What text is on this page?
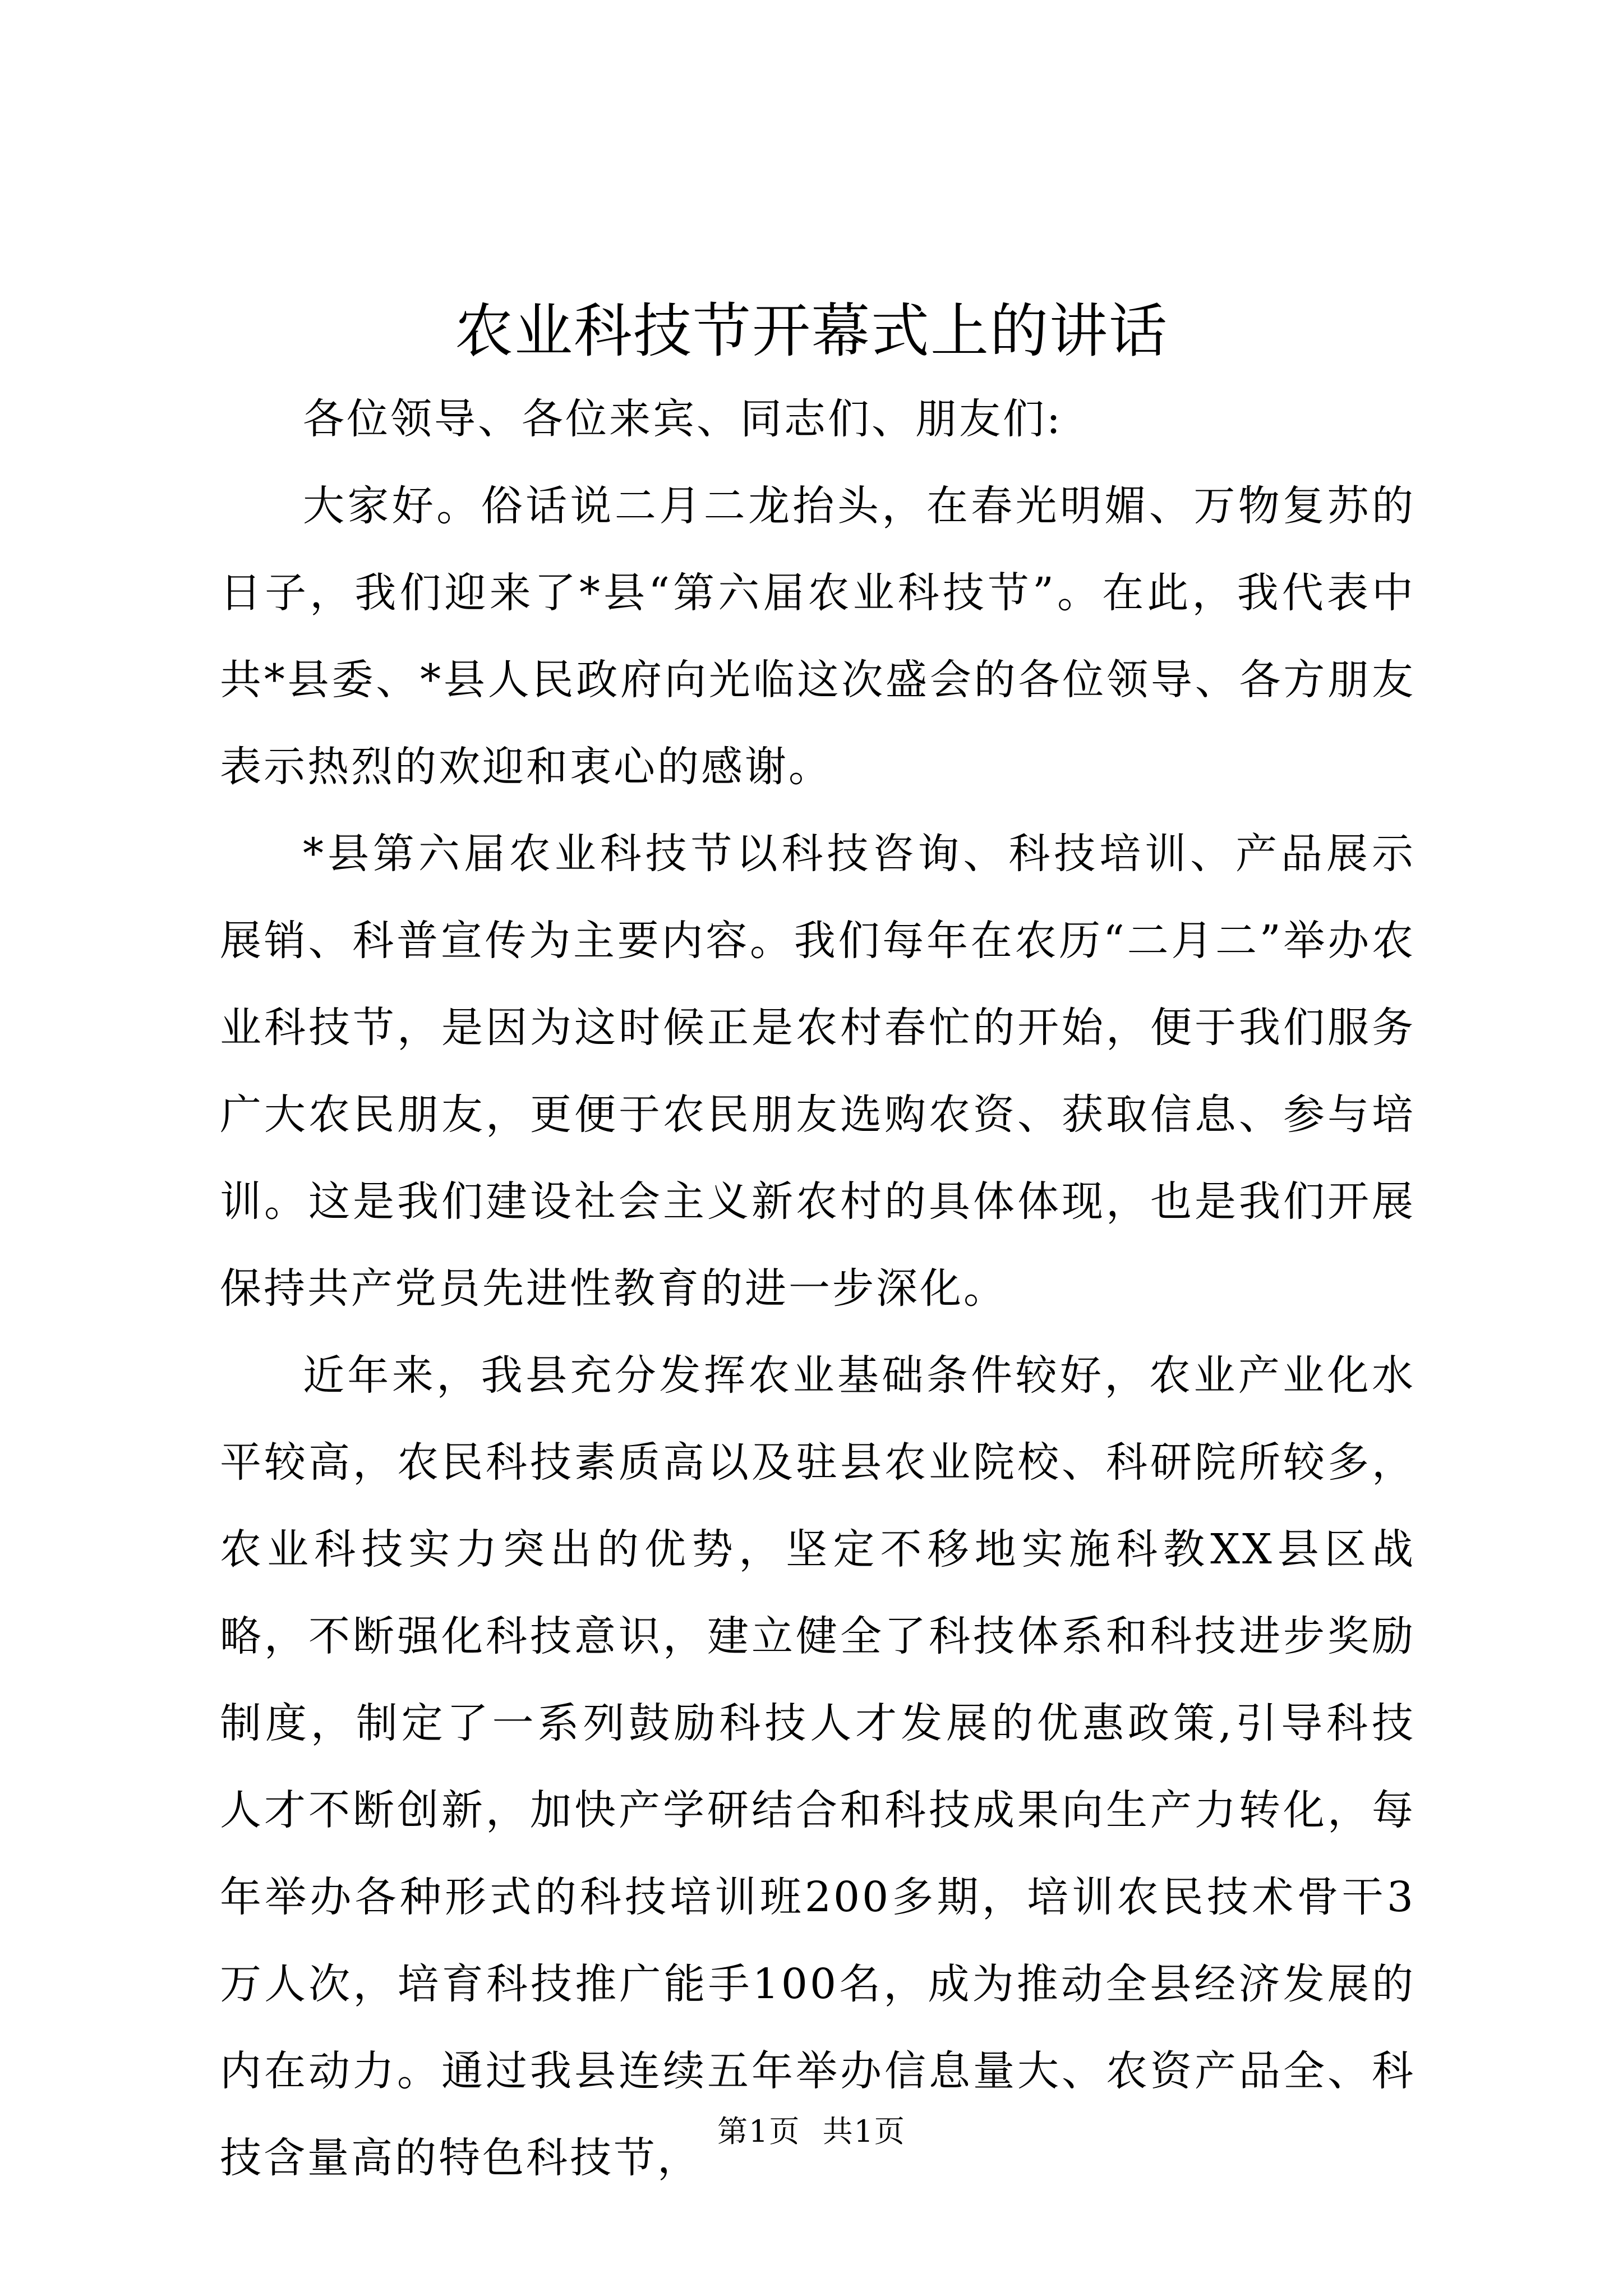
农业科技节开幕式上的讲话

各位领导、各位来宾、同志们、朋友们:

大家好。俗话说二月二龙抬头，在春光明媚、万物复苏的日子，我们迎来了*县“第六届农业科技节”。在此，我代表中共*县委、*县人民政府向光临这次盛会的各位领导、各方朋友表示热烈的欢迎和衷心的感谢。

*县第六届农业科技节以科技咨询、科技培训、产品展示展销、科普宣传为主要内容。我们每年在农历“二月二”举办农业科技节，是因为这时候正是农村春忙的开始，便于我们服务广大农民朋友，更便于农民朋友选购农资、获取信息、参与培训。这是我们建设社会主义新农村的具体体现，也是我们开展保持共产党员先进性教育的进一步深化。

近年来，我县充分发挥农业基础条件较好，农业产业化水平较高，农民科技素质高以及驻县农业院校、科研院所较多，农业科技实力突出的优势，坚定不移地实施科教XX县区战略，不断强化科技意识，建立健全了科技体系和科技进步奖励制度，制定了一系列鼓励科技人才发展的优惠政策,引导科技人才不断创新，加快产学研结合和科技成果向生产力转化，每年举办各种形式的科技培训班200多期，培训农民技术骨干3万人次，培育科技推广能手100名，成为推动全县经济发展的内在动力。通过我县连续五年举办信息量大、农资产品全、科技含量高的特色科技节，

第1页 共1页
